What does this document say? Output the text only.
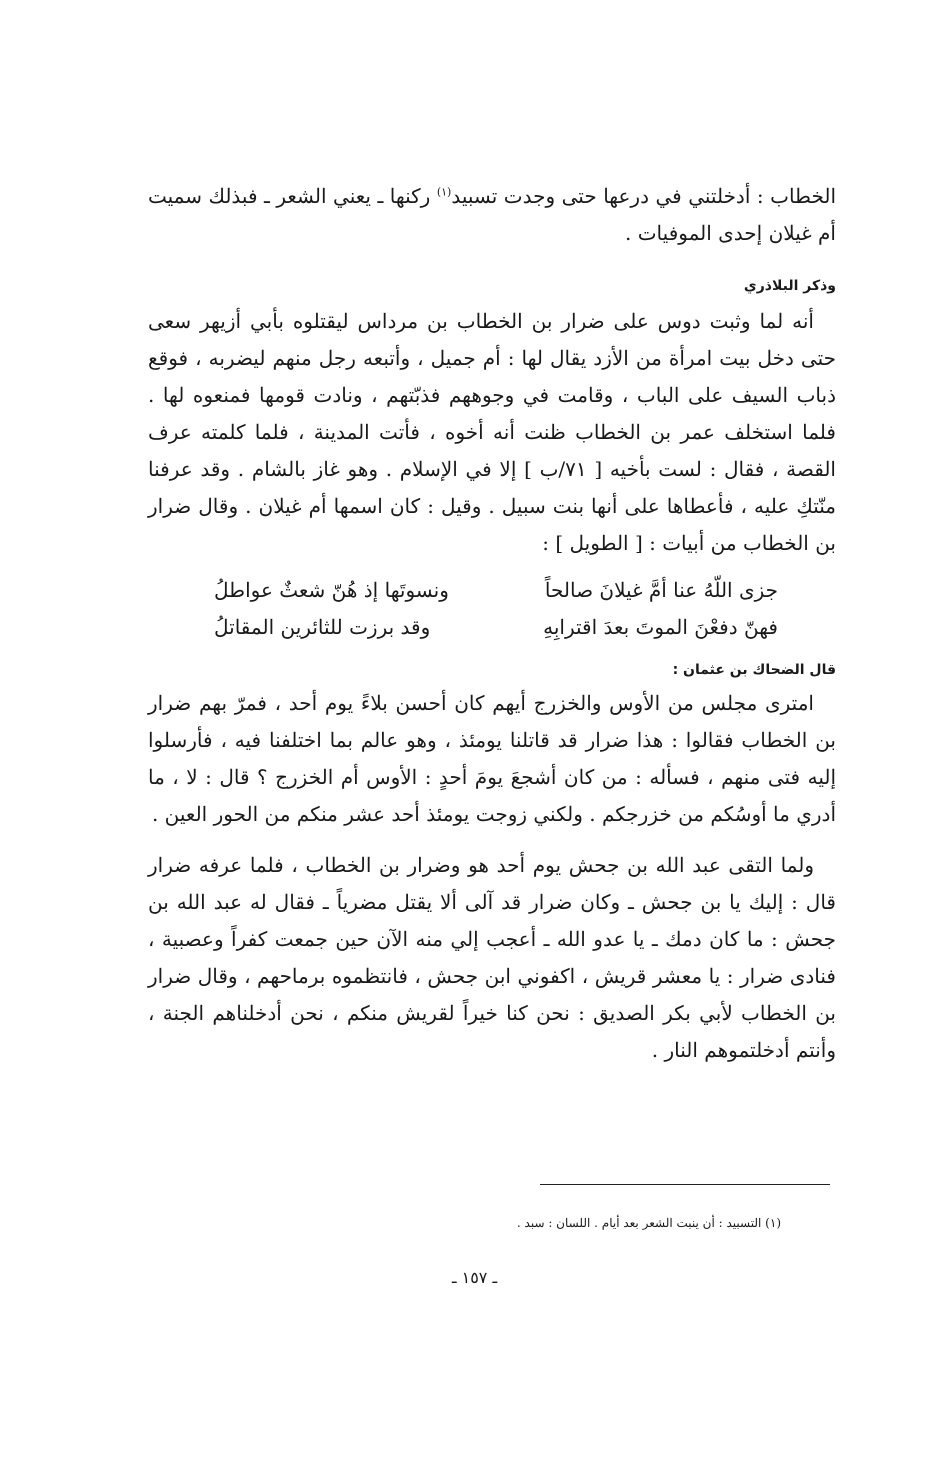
الخطاب : أدخلتني في درعها حتى وجدت تسبيد$^{(١)}$ ركنها ـ يعني الشعر ـ فبذلك سميت أم غيلان إحدى الموفيات .

وذكر البلاذري

أنه لما وثبت دوس على ضرار بن الخطاب بن مرداس ليقتلوه بأبي أزيهر سعى حتى دخل بيت امرأة من الأزد يقال لها : أم جميل ، وأتبعه رجل منهم ليضربه ، فوقع ذباب السيف على الباب ، وقامت في وجوههم فذبّتهم ، ونادت قومها فمنعوه لها . فلما استخلف عمر بن الخطاب ظنت أنه أخوه ، فأتت المدينة ، فلما كلمته عرف القصة ، فقال : لست بأخيه [ ٧١/ب ] إلا في الإسلام . وهو غاز بالشام . وقد عرفنا منّتكِ عليه ، فأعطاها على أنها بنت سبيل . وقيل : كان اسمها أم غيلان . وقال ضرار بن الخطاب من أبيات : [ الطويل ] :

جزى اللّهُ عنا أمَّ غيلانَ صالحاً
ونسوتَها إذ هُنّ شعثٌ عواطلُ
فهنّ دفعْنَ الموتَ بعدَ اقترابِهِ
وقد برزت للثائرين المقاتلُ

قال الضحاك بن عثمان :

امترى مجلس من الأوس والخزرج أيهم كان أحسن بلاءً يوم أحد ، فمرّ بهم ضرار بن الخطاب فقالوا : هذا ضرار قد قاتلنا يومئذ ، وهو عالم بما اختلفنا فيه ، فأرسلوا إليه فتى منهم ، فسأله : من كان أشجعَ يومَ أحدٍ : الأوس أم الخزرج ؟ قال : لا ، ما أدري ما أوسُكم من خزرجكم . ولكني زوجت يومئذ أحد عشر منكم من الحور العين .

ولما التقى عبد الله بن جحش يوم أحد هو وضرار بن الخطاب ، فلما عرفه ضرار قال : إليك يا بن جحش ـ وكان ضرار قد آلى ألا يقتل مضرياً ـ فقال له عبد الله بن جحش : ما كان دمك ـ يا عدو الله ـ أعجب إلي منه الآن حين جمعت كفراً وعصبية ، فنادى ضرار : يا معشر قريش ، اكفوني ابن جحش ، فانتظموه برماحهم ، وقال ضرار بن الخطاب لأبي بكر الصديق : نحن كنا خيراً لقريش منكم ، نحن أدخلناهم الجنة ، وأنتم أدخلتموهم النار .

(١) التسبيد : أن ينبت الشعر بعد أيام . اللسان : سبد .
ـ ١٥٧ ـ
